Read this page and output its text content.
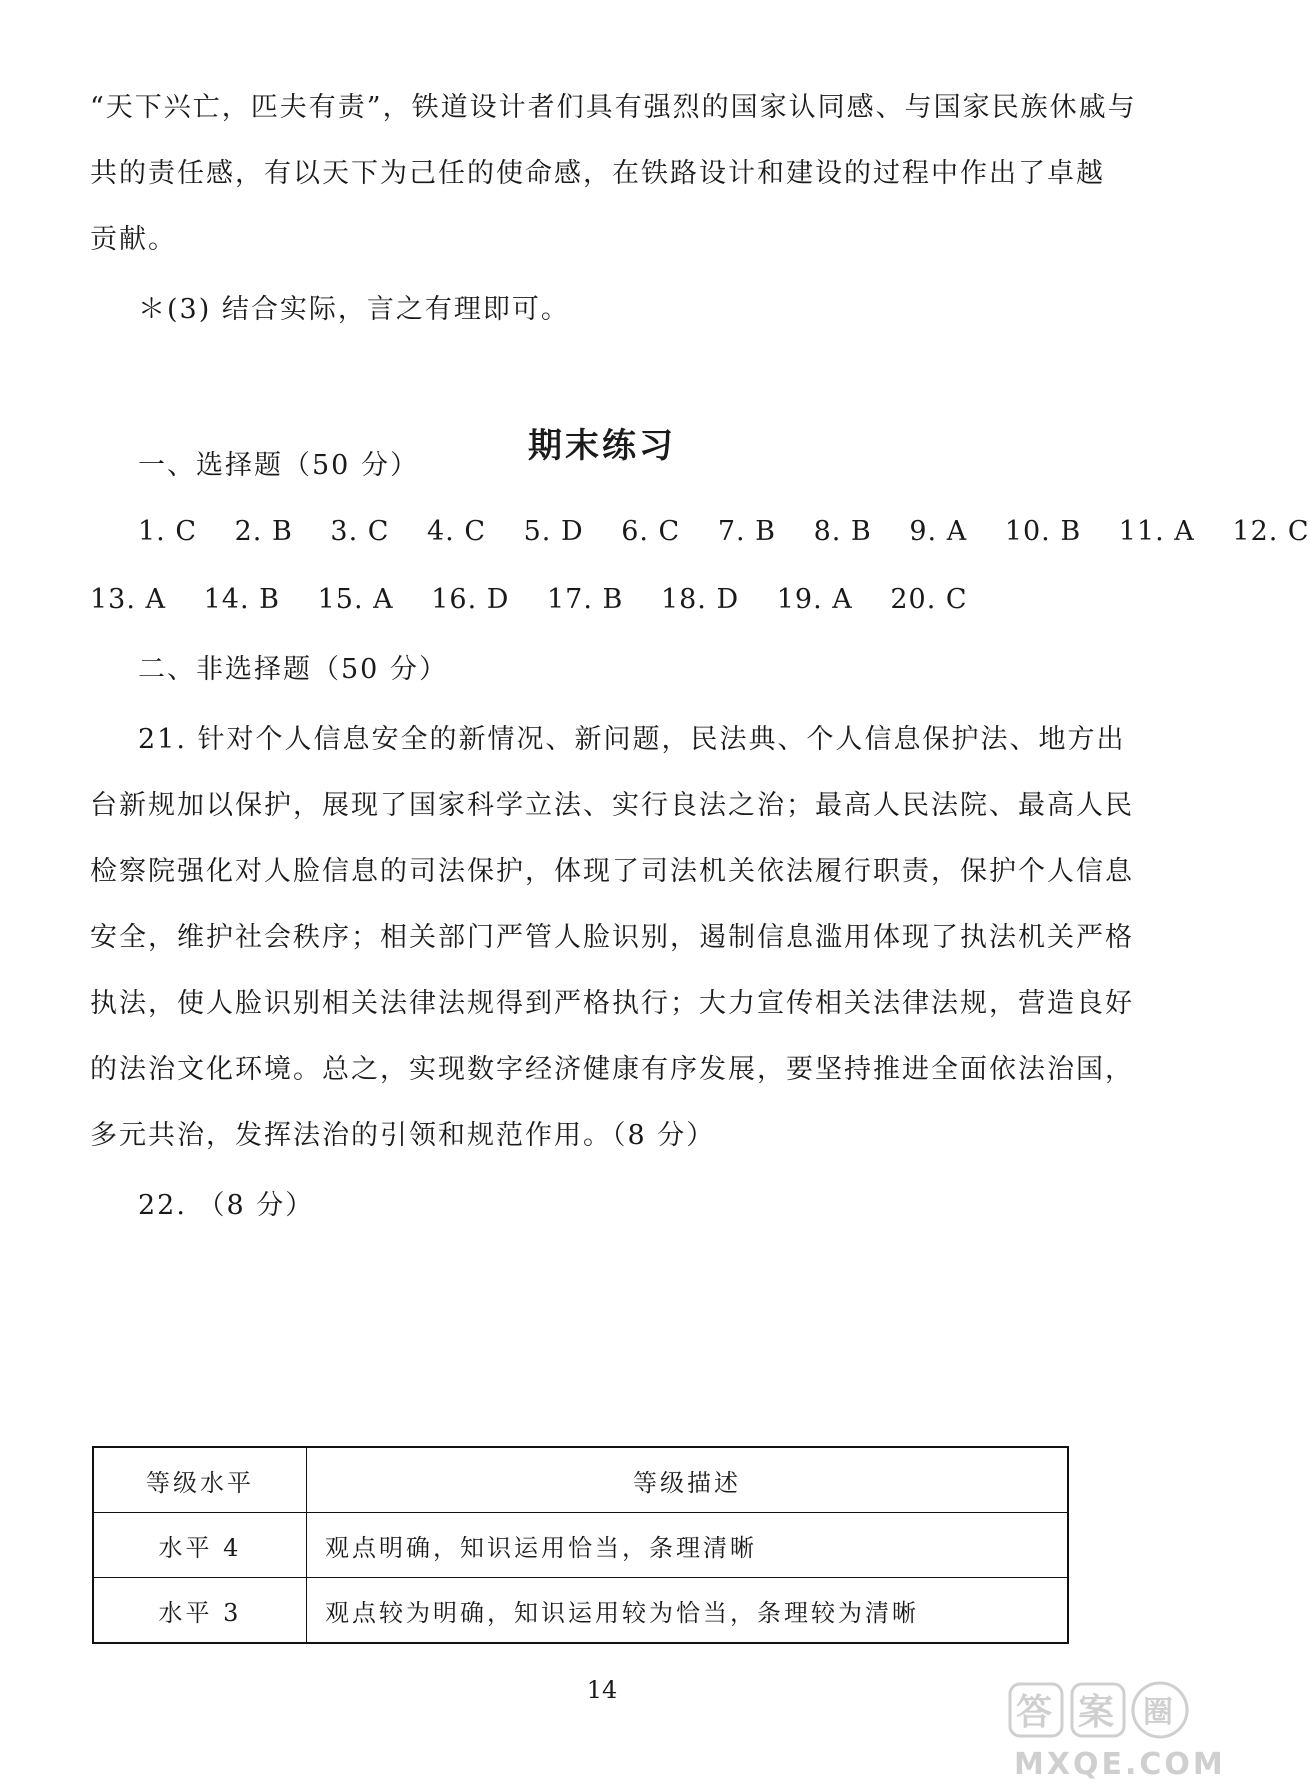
“天下兴亡，匹夫有责”，铁道设计者们具有强烈的国家认同感、与国家民族休戚与
共的责任感，有以天下为己任的使命感，在铁路设计和建设的过程中作出了卓越
贡献。
＊(3) 结合实际，言之有理即可。
期末练习
一、选择题（50 分）
1. C 2. B 3. C 4. C 5. D 6. C 7. B 8. B 9. A 10. B 11. A 12. C
13. A 14. B 15. A 16. D 17. B 18. D 19. A 20. C
二、非选择题（50 分）
21. 针对个人信息安全的新情况、新问题，民法典、个人信息保护法、地方出
台新规加以保护，展现了国家科学立法、实行良法之治；最高人民法院、最高人民
检察院强化对人脸信息的司法保护，体现了司法机关依法履行职责，保护个人信息
安全，维护社会秩序；相关部门严管人脸识别，遏制信息滥用体现了执法机关严格
执法，使人脸识别相关法律法规得到严格执行；大力宣传相关法律法规，营造良好
的法治文化环境。总之，实现数字经济健康有序发展，要坚持推进全面依法治国，
多元共治，发挥法治的引领和规范作用。（8 分）
22. （8 分）
等级水平	等级描述
水平 4	观点明确，知识运用恰当，条理清晰
水平 3	观点较为明确，知识运用较为恰当，条理较为清晰
14
答 案 圈
MXQE.COM
